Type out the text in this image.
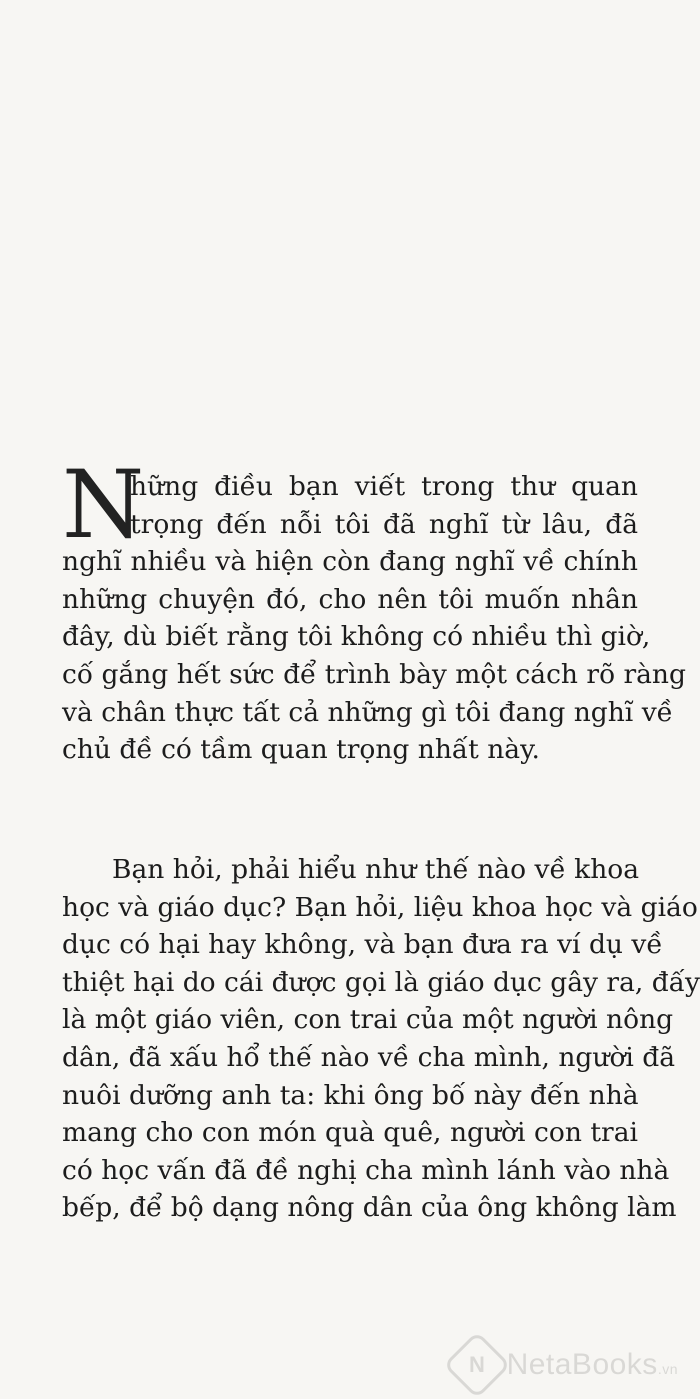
N
hững điều bạn viết trong thư quan
trọng đến nỗi tôi đã nghĩ từ lâu, đã
nghĩ nhiều và hiện còn đang nghĩ về chính
những chuyện đó, cho nên tôi muốn nhân
đây, dù biết rằng tôi không có nhiều thì giờ,
cố gắng hết sức để trình bày một cách rõ ràng
và chân thực tất cả những gì tôi đang nghĩ về
chủ đề có tầm quan trọng nhất này.
Bạn hỏi, phải hiểu như thế nào về khoa
học và giáo dục? Bạn hỏi, liệu khoa học và giáo
dục có hại hay không, và bạn đưa ra ví dụ về
thiệt hại do cái được gọi là giáo dục gây ra, đấy
là một giáo viên, con trai của một người nông
dân, đã xấu hổ thế nào về cha mình, người đã
nuôi dưỡng anh ta: khi ông bố này đến nhà
mang cho con món quà quê, người con trai
có học vấn đã đề nghị cha mình lánh vào nhà
bếp, để bộ dạng nông dân của ông không làm
N NetaBooks.vn
